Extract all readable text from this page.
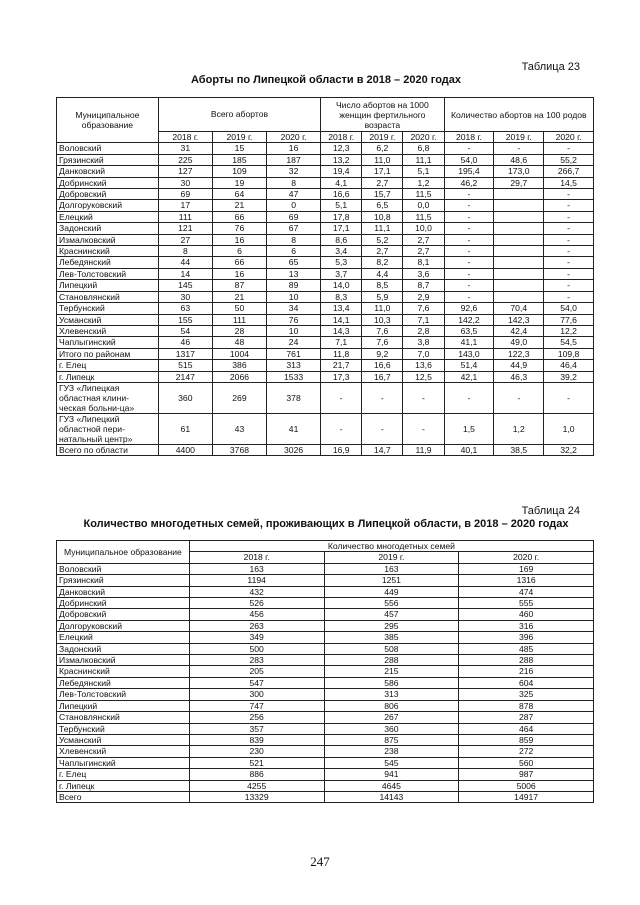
Таблица 23
Аборты по Липецкой области в 2018 – 2020 годах
Муниципальное образование	Всего абортов			Число абортов на 1000 женщин фертильного возраста			Количество абортов на 100 родов		
	2018 г.	2019 г.	2020 г.	2018 г.	2019 г.	2020 г.	2018 г.	2019 г.	2020 г.
Воловский	31	15	16	12,3	6,2	6,8	-	-	-
Грязинский	225	185	187	13,2	11,0	11,1	54,0	48,6	55,2
Данковский	127	109	32	19,4	17,1	5,1	195,4	173,0	266,7
Добринский	30	19	8	4,1	2,7	1,2	46,2	29,7	14,5
Добровский	69	64	47	16,6	15,7	11,5	-		-
Долгоруковский	17	21	0	5,1	6,5	0,0	-		-
Елецкий	111	66	69	17,8	10,8	11,5	-		-
Задонский	121	76	67	17,1	11,1	10,0	-		-
Измалковский	27	16	8	8,6	5,2	2,7	-		-
Краснинский	8	6	6	3,4	2,7	2,7	-		-
Лебедянский	44	66	65	5,3	8,2	8,1	-		-
Лев-Толстовский	14	16	13	3,7	4,4	3,6	-		-
Липецкий	145	87	89	14,0	8,5	8,7	-		-
Становлянский	30	21	10	8,3	5,9	2,9	-		-
Тербунский	63	50	34	13,4	11,0	7,6	92,6	70,4	54,0
Усманский	155	111	76	14,1	10,3	7,1	142,2	142,3	77,6
Хлевенский	54	28	10	14,3	7,6	2,8	63,5	42,4	12,2
Чаплыгинский	46	48	24	7,1	7,6	3,8	41,1	49,0	54,5
Итого по районам	1317	1004	761	11,8	9,2	7,0	143,0	122,3	109,8
г. Елец	515	386	313	21,7	16,6	13,6	51,4	44,9	46,4
г. Липецк	2147	2066	1533	17,3	16,7	12,5	42,1	46,3	39,2
ГУЗ «Липецкая областная клини-ческая больни-ца»	360	269	378	-	-	-	-	-	-
ГУЗ «Липецкий областной пери-натальный центр»	61	43	41	-	-	-	1,5	1,2	1,0
Всего по области	4400	3768	3026	16,9	14,7	11,9	40,1	38,5	32,2
Таблица 24
Количество многодетных семей, проживающих в Липецкой области, в 2018 – 2020 годах
Муниципальное образование	Количество многодетных семей		
	2018 г.	2019 г.	2020 г.
Воловский	163	163	169
Грязинский	1194	1251	1316
Данковский	432	449	474
Добринский	526	556	555
Добровский	456	457	460
Долгоруковский	263	295	316
Елецкий	349	385	396
Задонский	500	508	485
Измалковский	283	288	288
Краснинский	205	215	216
Лебедянский	547	586	604
Лев-Толстовский	300	313	325
Липецкий	747	806	878
Становлянский	256	267	287
Тербунский	357	360	464
Усманский	839	875	859
Хлевенский	230	238	272
Чаплыгинский	521	545	560
г. Елец	886	941	987
г. Липецк	4255	4645	5006
Всего	13329	14143	14917
247
